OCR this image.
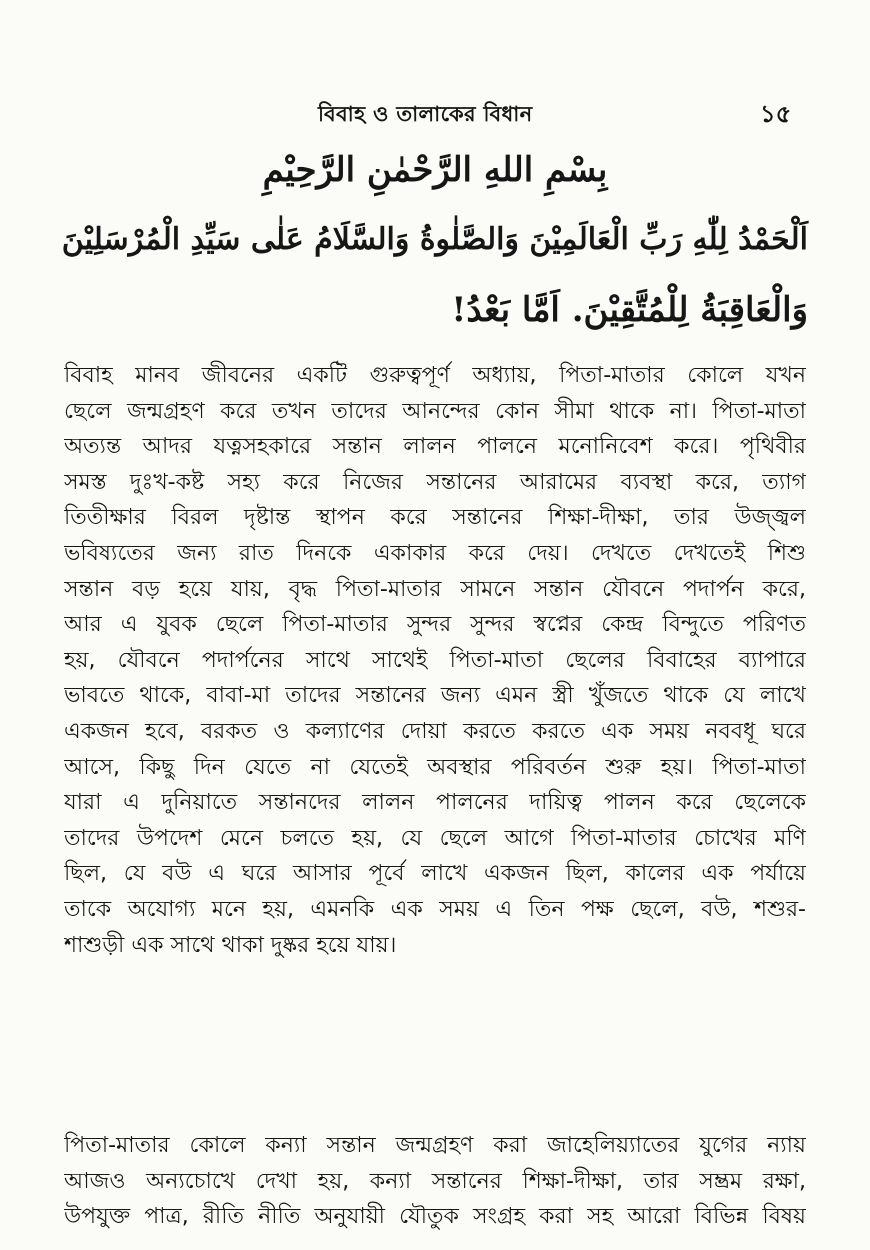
বিবাহ ও তালাকের বিধান	১৫
بِسْمِ اللهِ الرَّحْمٰنِ الرَّحِيْمِ
اَلْحَمْدُ لِلّٰهِ رَبِّ الْعَالَمِيْنَ وَالصَّلٰوةُ وَالسَّلَامُ عَلٰى سَيِّدِ الْمُرْسَلِيْنَ
وَالْعَاقِبَةُ لِلْمُتَّقِيْنَ. اَمَّا بَعْدُ!
বিবাহ মানব জীবনের একটি গুরুত্বপূর্ণ অধ্যায়, পিতা-মাতার কোলে যখন
ছেলে জন্মগ্রহণ করে তখন তাদের আনন্দের কোন সীমা থাকে না। পিতা-মাতা
অত্যন্ত আদর যত্নসহকারে সন্তান লালন পালনে মনোনিবেশ করে। পৃথিবীর
সমস্ত দুঃখ-কষ্ট সহ্য করে নিজের সন্তানের আরামের ব্যবস্থা করে, ত্যাগ
তিতীক্ষার বিরল দৃষ্টান্ত স্থাপন করে সন্তানের শিক্ষা-দীক্ষা, তার উজ্জ্বল
ভবিষ্যতের জন্য রাত দিনকে একাকার করে দেয়। দেখতে দেখতেই শিশু
সন্তান বড় হয়ে যায়, বৃদ্ধ পিতা-মাতার সামনে সন্তান যৌবনে পদার্পন করে,
আর এ যুবক ছেলে পিতা-মাতার সুন্দর সুন্দর স্বপ্নের কেন্দ্র বিন্দুতে পরিণত
হয়, যৌবনে পদার্পনের সাথে সাথেই পিতা-মাতা ছেলের বিবাহের ব্যাপারে
ভাবতে থাকে, বাবা-মা তাদের সন্তানের জন্য এমন স্ত্রী খুঁজতে থাকে যে লাখে
একজন হবে, বরকত ও কল্যাণের দোয়া করতে করতে এক সময় নববধূ ঘরে
আসে, কিছু দিন যেতে না যেতেই অবস্থার পরিবর্তন শুরু হয়। পিতা-মাতা
যারা এ দুনিয়াতে সন্তানদের লালন পালনের দায়িত্ব পালন করে ছেলেকে
তাদের উপদেশ মেনে চলতে হয়, যে ছেলে আগে পিতা-মাতার চোখের মণি
ছিল, যে বউ এ ঘরে আসার পূর্বে লাখে একজন ছিল, কালের এক পর্যায়ে
তাকে অযোগ্য মনে হয়, এমনকি এক সময় এ তিন পক্ষ ছেলে, বউ, শশুর-
শাশুড়ী এক সাথে থাকা দুষ্কর হয়ে যায়।
পিতা-মাতার কোলে কন্যা সন্তান জন্মগ্রহণ করা জাহেলিয়্যাতের যুগের ন্যায়
আজও অন্যচোখে দেখা হয়, কন্যা সন্তানের শিক্ষা-দীক্ষা, তার সম্ভ্রম রক্ষা,
উপযুক্ত পাত্র, রীতি নীতি অনুযায়ী যৌতুক সংগ্রহ করা সহ আরো বিভিন্ন বিষয়
